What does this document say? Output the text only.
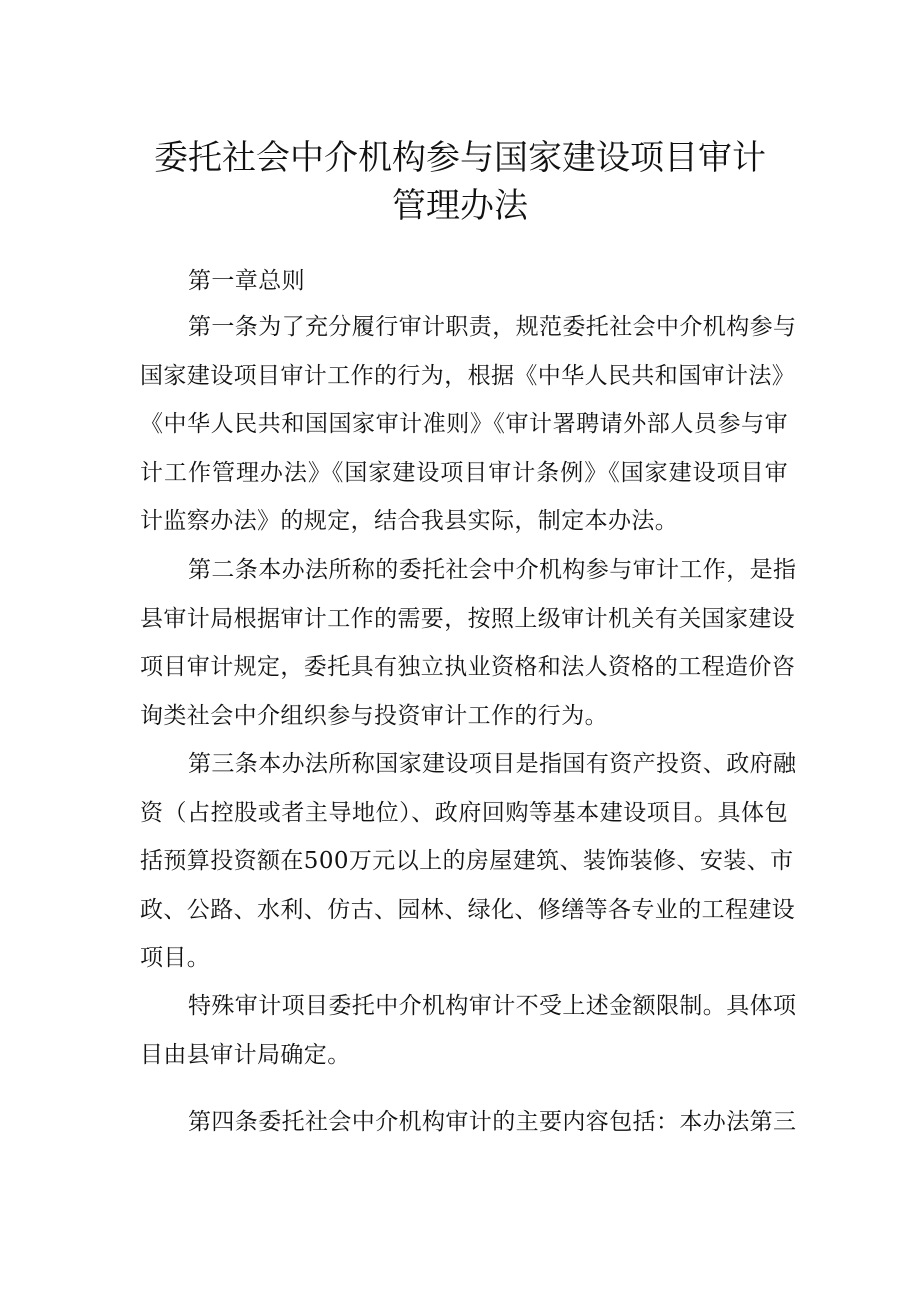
委托社会中介机构参与国家建设项目审计
管理办法
第一章总则
第一条为了充分履行审计职责，规范委托社会中介机构参与
国家建设项目审计工作的行为，根据《中华人民共和国审计法》
《中华人民共和国国家审计准则》《审计署聘请外部人员参与审
计工作管理办法》《国家建设项目审计条例》《国家建设项目审
计监察办法》的规定，结合我县实际，制定本办法。
第二条本办法所称的委托社会中介机构参与审计工作，是指
县审计局根据审计工作的需要，按照上级审计机关有关国家建设
项目审计规定，委托具有独立执业资格和法人资格的工程造价咨
询类社会中介组织参与投资审计工作的行为。
第三条本办法所称国家建设项目是指国有资产投资、政府融
资（占控股或者主导地位）、政府回购等基本建设项目。具体包
括预算投资额在500万元以上的房屋建筑、装饰装修、安装、市
政、公路、水利、仿古、园林、绿化、修缮等各专业的工程建设
项目。
特殊审计项目委托中介机构审计不受上述金额限制。具体项
目由县审计局确定。
第四条委托社会中介机构审计的主要内容包括：本办法第三
